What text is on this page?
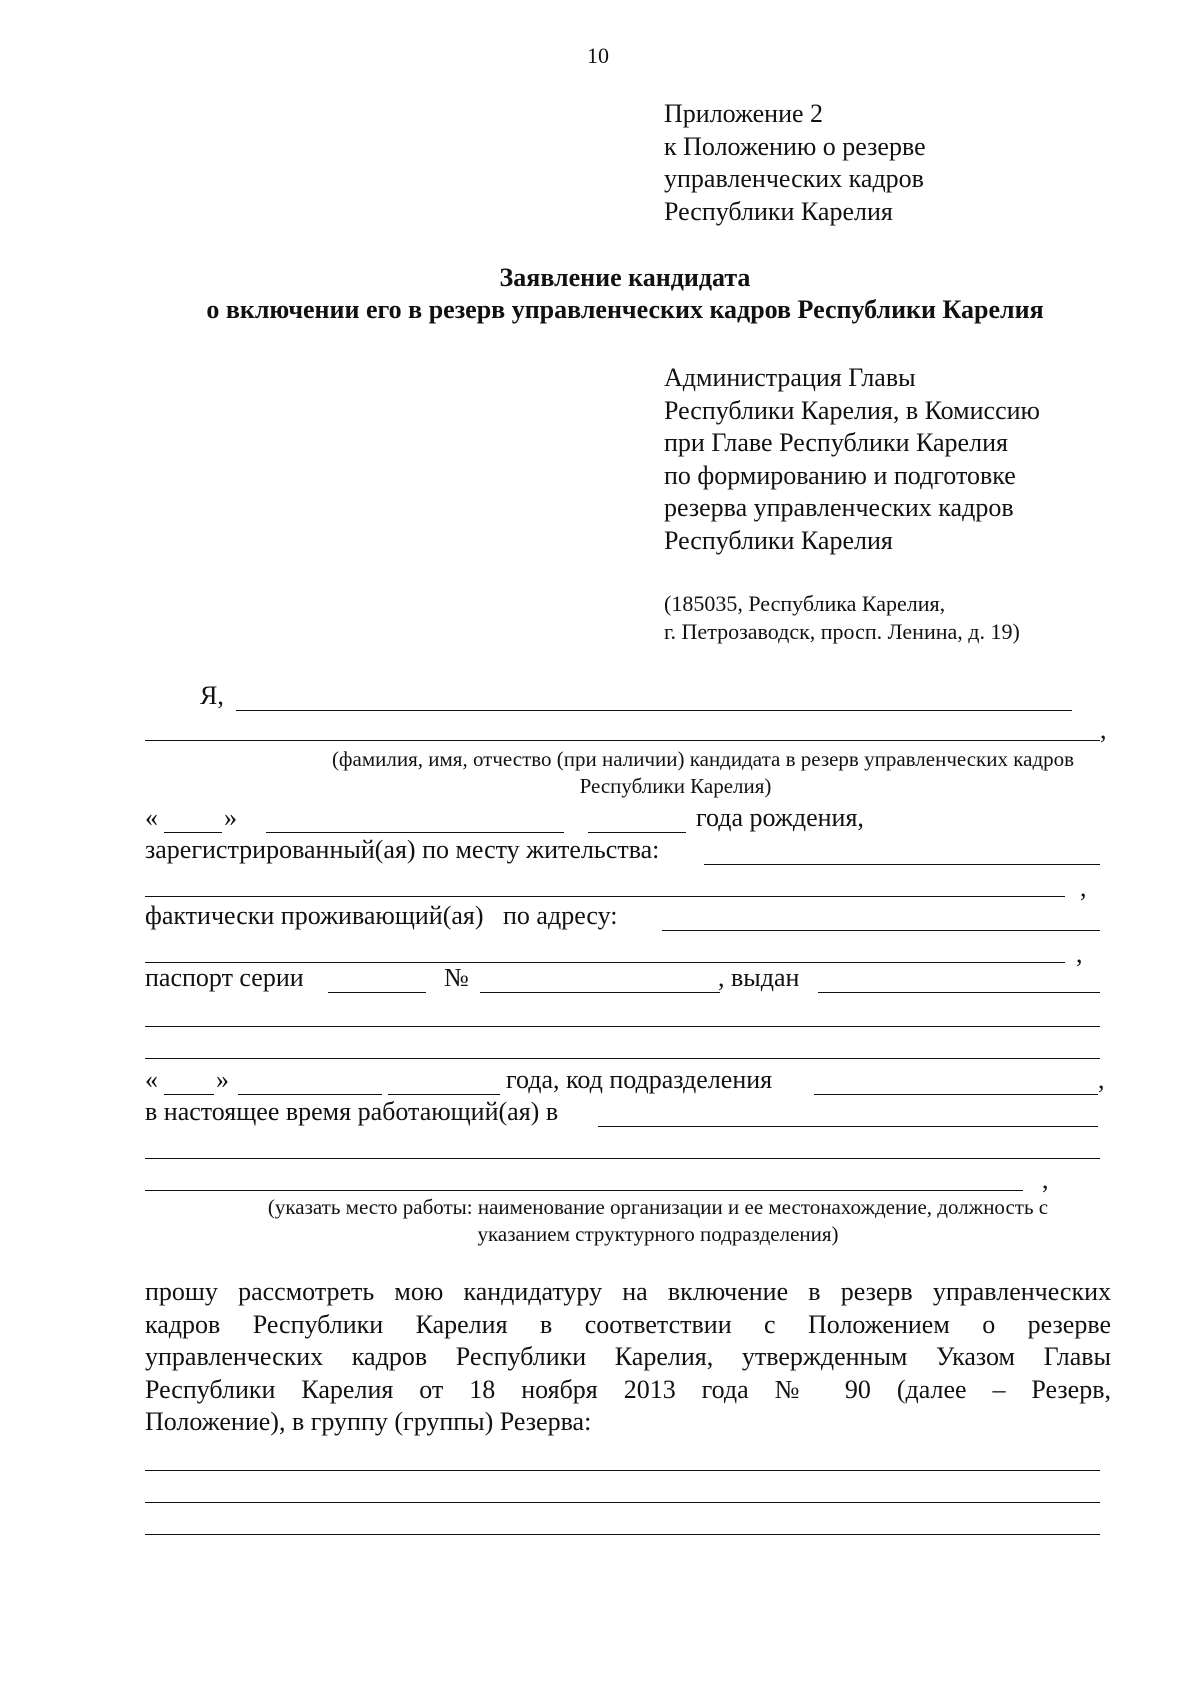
10
Приложение 2
к Положению о резерве
управленческих кадров
Республики Карелия
Заявление кандидата
о включении его в резерв управленческих кадров Республики Карелия
Администрация Главы
Республики Карелия, в Комиссию
при Главе Республики Карелия
по формированию и подготовке
резерва управленческих кадров
Республики Карелия
(185035, Республика Карелия,
г. Петрозаводск, просп. Ленина, д. 19)
Я,
,
(фамилия, имя, отчество (при наличии) кандидата в резерв управленческих кадров
Республики Карелия)
«	»	года рождения,
зарегистрированный(ая) по месту жительства:
,
фактически проживающий(ая)   по адресу:
,
паспорт серии	№	, выдан
« »	года, код подразделения	,
в настоящее время работающий(ая) в
,
(указать место работы: наименование организации и ее местонахождение, должность с
указанием структурного подразделения)
прошу рассмотреть мою кандидатуру на включение в резерв управленческих
кадров Республики Карелия в соответствии с Положением о резерве
управленческих кадров Республики Карелия, утвержденным Указом Главы
Республики Карелия от 18 ноября 2013 года № 90 (далее – Резерв,
Положение), в группу (группы) Резерва:
